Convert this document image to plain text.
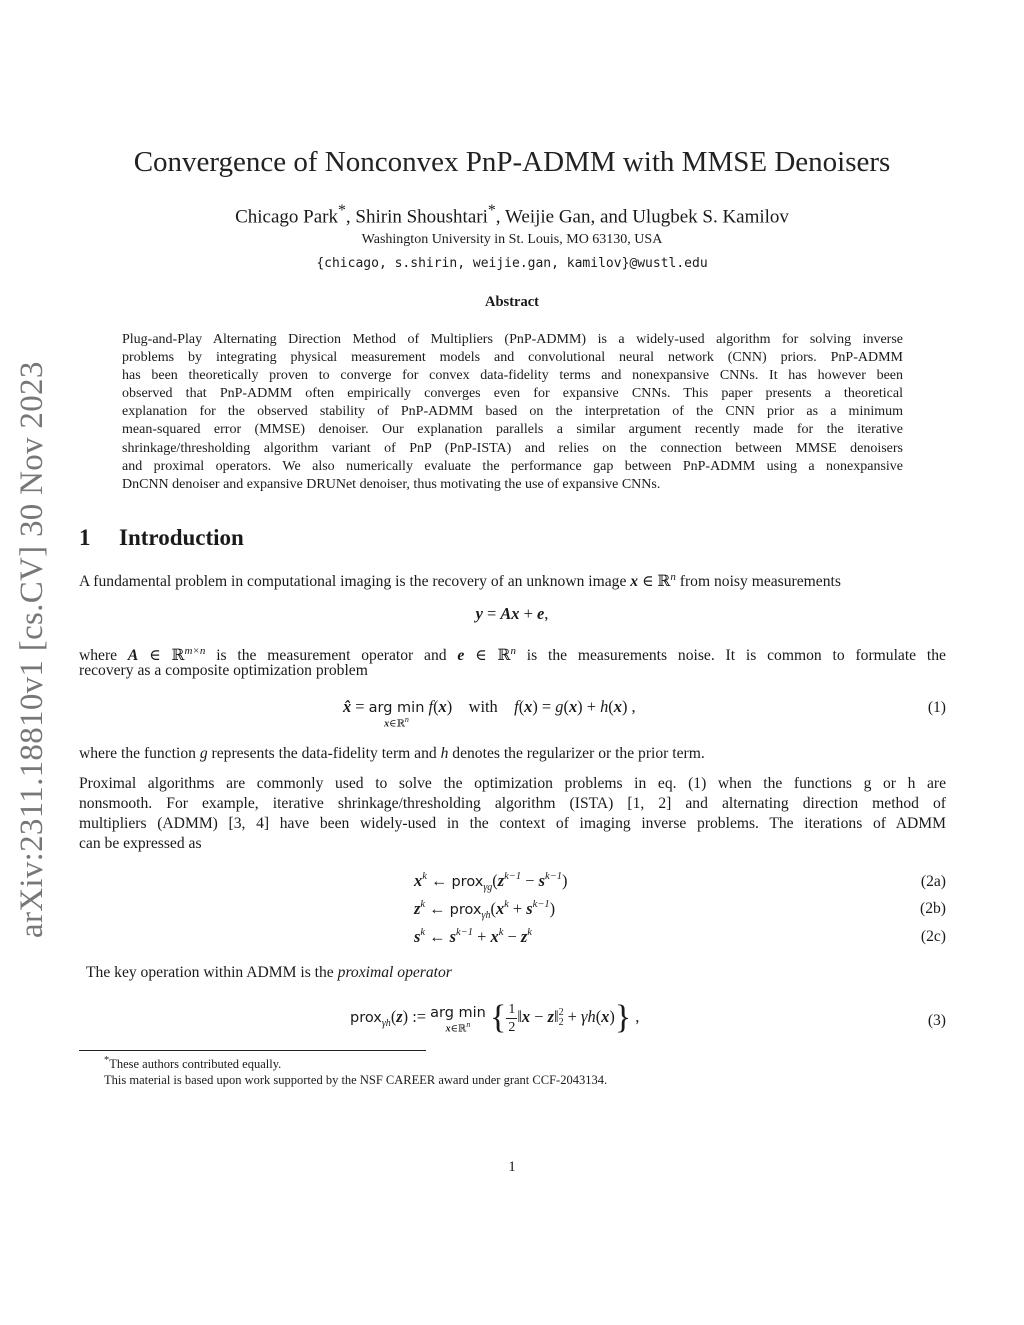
arXiv:2311.18810v1 [cs.CV] 30 Nov 2023
Convergence of Nonconvex PnP-ADMM with MMSE Denoisers
Chicago Park*, Shirin Shoushtari*, Weijie Gan, and Ulugbek S. Kamilov
Washington University in St. Louis, MO 63130, USA
{chicago, s.shirin, weijie.gan, kamilov}@wustl.edu
Abstract
Plug-and-Play Alternating Direction Method of Multipliers (PnP-ADMM) is a widely-used algorithm for solving inverse
problems by integrating physical measurement models and convolutional neural network (CNN) priors. PnP-ADMM
has been theoretically proven to converge for convex data-fidelity terms and nonexpansive CNNs. It has however been
observed that PnP-ADMM often empirically converges even for expansive CNNs. This paper presents a theoretical
explanation for the observed stability of PnP-ADMM based on the interpretation of the CNN prior as a minimum
mean-squared error (MMSE) denoiser. Our explanation parallels a similar argument recently made for the iterative
shrinkage/thresholding algorithm variant of PnP (PnP-ISTA) and relies on the connection between MMSE denoisers
and proximal operators. We also numerically evaluate the performance gap between PnP-ADMM using a nonexpansive
DnCNN denoiser and expansive DRUNet denoiser, thus motivating the use of expansive CNNs.
1 Introduction
A fundamental problem in computational imaging is the recovery of an unknown image x ∈ ℝ$^n$ from noisy measurements
y = Ax + e,
where A ∈ ℝ$^{m\times n}$ is the measurement operator and e ∈ ℝ$^n$ is the measurements noise. It is common to formulate the
recovery as a composite optimization problem
x̂ = arg min
x∈ℝ$^n$
f(x)    with f(x) = g(x) + h(x) ,	(1)
where the function g represents the data-fidelity term and h denotes the regularizer or the prior term.
Proximal algorithms are commonly used to solve the optimization problems in eq. (1) when the functions g or h are
nonsmooth. For example, iterative shrinkage/thresholding algorithm (ISTA) [1, 2] and alternating direction method of
multipliers (ADMM) [3, 4] have been widely-used in the context of imaging inverse problems. The iterations of ADMM
can be expressed as
$x^k$ ← $prox_{\gamma g}(z^{k-1} - s^{k-1})$	(2a)
$z^k$ ← $prox_{\gamma h}(x^k + s^{k-1})$	(2b)
$s^k$ ← $s^{k-1} + x^k - z^k$	(2c)
The key operation within ADMM is the proximal operator
prox$_{\gamma h}$(z) := arg min
x∈ℝ$^n$ { $\frac{1}{2}$ ‖x − z‖2
2 + γh(x)} ,	(3)
*These authors contributed equally.
This material is based upon work supported by the NSF CAREER award under grant CCF-2043134.
1
